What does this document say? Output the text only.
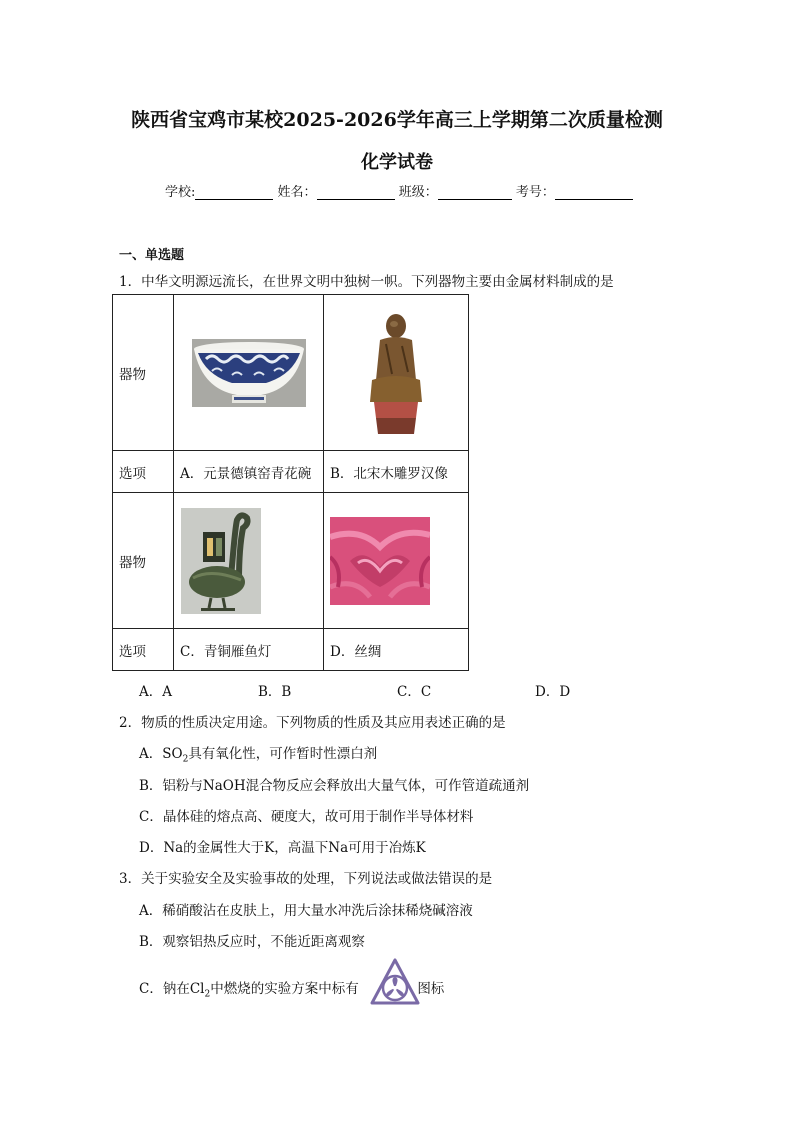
陕西省宝鸡市某校2025-2026学年高三上学期第二次质量检测
化学试卷
学校:	姓名：	班级：	考号：
一、单选题
1．中华文明源远流长，在世界文明中独树一帜。下列器物主要由金属材料制成的是
器物	

选项	A．元景德镇窑青花碗	B．北宋木雕罗汉像
器物	

选项	C．青铜雁鱼灯	D．丝绸
A．A	B．B	C．C	D．D
2．物质的性质决定用途。下列物质的性质及其应用表述正确的是
A．$SO_2$具有氧化性，可作暂时性漂白剂
B．铝粉与NaOH混合物反应会释放出大量气体，可作管道疏通剂
C．晶体硅的熔点高、硬度大，故可用于制作半导体材料
D．Na的金属性大于K，高温下Na可用于冶炼K
3．关于实验安全及实验事故的处理，下列说法或做法错误的是
A．稀硝酸沾在皮肤上，用大量水冲洗后涂抹稀烧碱溶液
B．观察铝热反应时，不能近距离观察
C．钠在$Cl_2$中燃烧的实验方案中标有	图标
